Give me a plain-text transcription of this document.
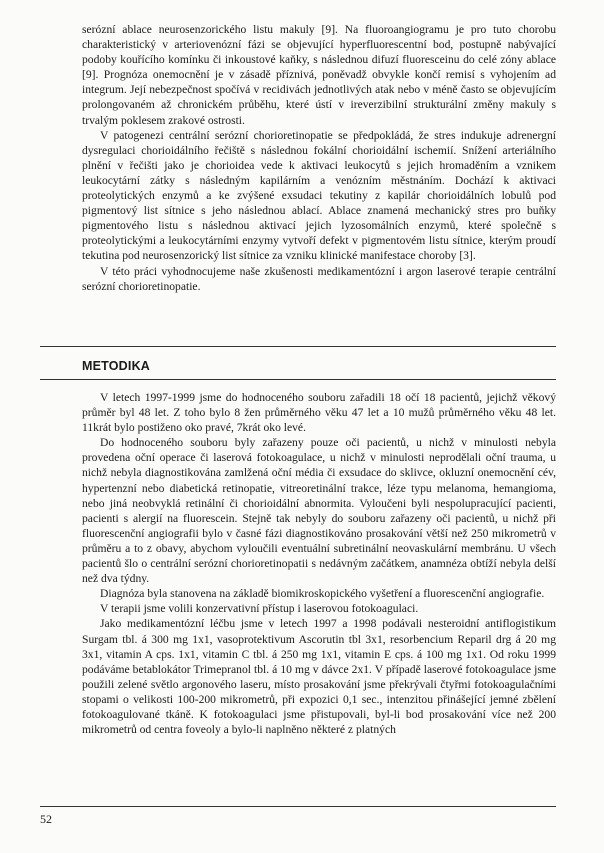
serózní ablace neurosenzorického listu makuly [9]. Na fluoroangiogramu je pro tuto chorobu charakteristický v arteriovenózní fázi se objevující hyperfluorescentní bod, postupně nabývající podoby kouřícího komínku či inkoustové kaňky, s následnou difuzí fluoresceinu do celé zóny ablace [9]. Prognóza onemocnění je v zásadě příznivá, poněvadž obvykle končí remisí s vyhojením ad integrum. Její nebezpečnost spočívá v recidivách jednotlivých atak nebo v méně často se objevujícím prolongovaném až chronickém průběhu, které ústí v ireverzibilní strukturální změny makuly s trvalým poklesem zrakové ostrosti.

V patogenezi centrální serózní chorioretinopatie se předpokládá, že stres indukuje adrenergní dysregulaci chorioidálního řečiště s následnou fokální chorioidální ischemií. Snížení arteriálního plnění v řečišti jako je chorioidea vede k aktivaci leukocytů s jejich hromaděním a vznikem leukocytární zátky s následným kapilárním a venózním městnáním. Dochází k aktivaci proteolytických enzymů a ke zvýšené exsudaci tekutiny z kapilár chorioidálních lobulů pod pigmentový list sítnice s jeho následnou ablací. Ablace znamená mechanický stres pro buňky pigmentového listu s následnou aktivací jejich lyzosomálních enzymů, které společně s proteolytickými a leukocytárními enzymy vytvoří defekt v pigmentovém listu sítnice, kterým proudí tekutina pod neurosenzorický list sítnice za vzniku klinické manifestace choroby [3].

V této práci vyhodnocujeme naše zkušenosti medikamentózní i argon laserové terapie centrální serózní chorioretinopatie.

METODIKA

V letech 1997-1999 jsme do hodnoceného souboru zařadili 18 očí 18 pacientů, jejichž věkový průměr byl 48 let. Z toho bylo 8 žen průměrného věku 47 let a 10 mužů průměrného věku 48 let. 11krát bylo postiženo oko pravé, 7krát oko levé.

Do hodnoceného souboru byly zařazeny pouze oči pacientů, u nichž v minulosti nebyla provedena oční operace či laserová fotokoagulace, u nichž v minulosti neprodělali oční trauma, u nichž nebyla diagnostikována zamlžená oční média či exsudace do sklivce, okluzní onemocnění cév, hypertenzní nebo diabetická retinopatie, vitreoretinální trakce, léze typu melanoma, hemangioma, nebo jiná neobvyklá retinální či chorioidální abnormita. Vyloučeni byli nespolupracující pacienti, pacienti s alergií na fluorescein. Stejně tak nebyly do souboru zařazeny oči pacientů, u nichž při fluorescenční angiografii bylo v časné fázi diagnostikováno prosakování větší než 250 mikrometrů v průměru a to z obavy, abychom vyloučili eventuální subretinální neovaskulární membránu. U všech pacientů šlo o centrální serózní chorioretinopatii s nedávným začátkem, anamnéza obtíží nebyla delší než dva týdny.

Diagnóza byla stanovena na základě biomikroskopického vyšetření a fluorescenční angiografie.

V terapii jsme volili konzervativní přístup i laserovou fotokoagulaci.

Jako medikamentózní léčbu jsme v letech 1997 a 1998 podávali nesteroidní antiflogistikum Surgam tbl. á 300 mg 1x1, vasoprotektivum Ascorutin tbl 3x1, resorbencium Reparil drg á 20 mg 3x1, vitamin A cps. 1x1, vitamin C tbl. á 250 mg 1x1, vitamin E cps. á 100 mg 1x1. Od roku 1999 podáváme betablokátor Trimepranol tbl. á 10 mg v dávce 2x1. V případě laserové fotokoagulace jsme použili zelené světlo argonového laseru, místo prosakování jsme překrývali čtyřmi fotokoagulačními stopami o velikosti 100-200 mikrometrů, při expozici 0,1 sec., intenzitou přinášející jemné zbělení fotokoagulované tkáně. K fotokoagulaci jsme přistupovali, byl-li bod prosakování více než 200 mikrometrů od centra foveoly a bylo-li naplněno některé z platných

52
